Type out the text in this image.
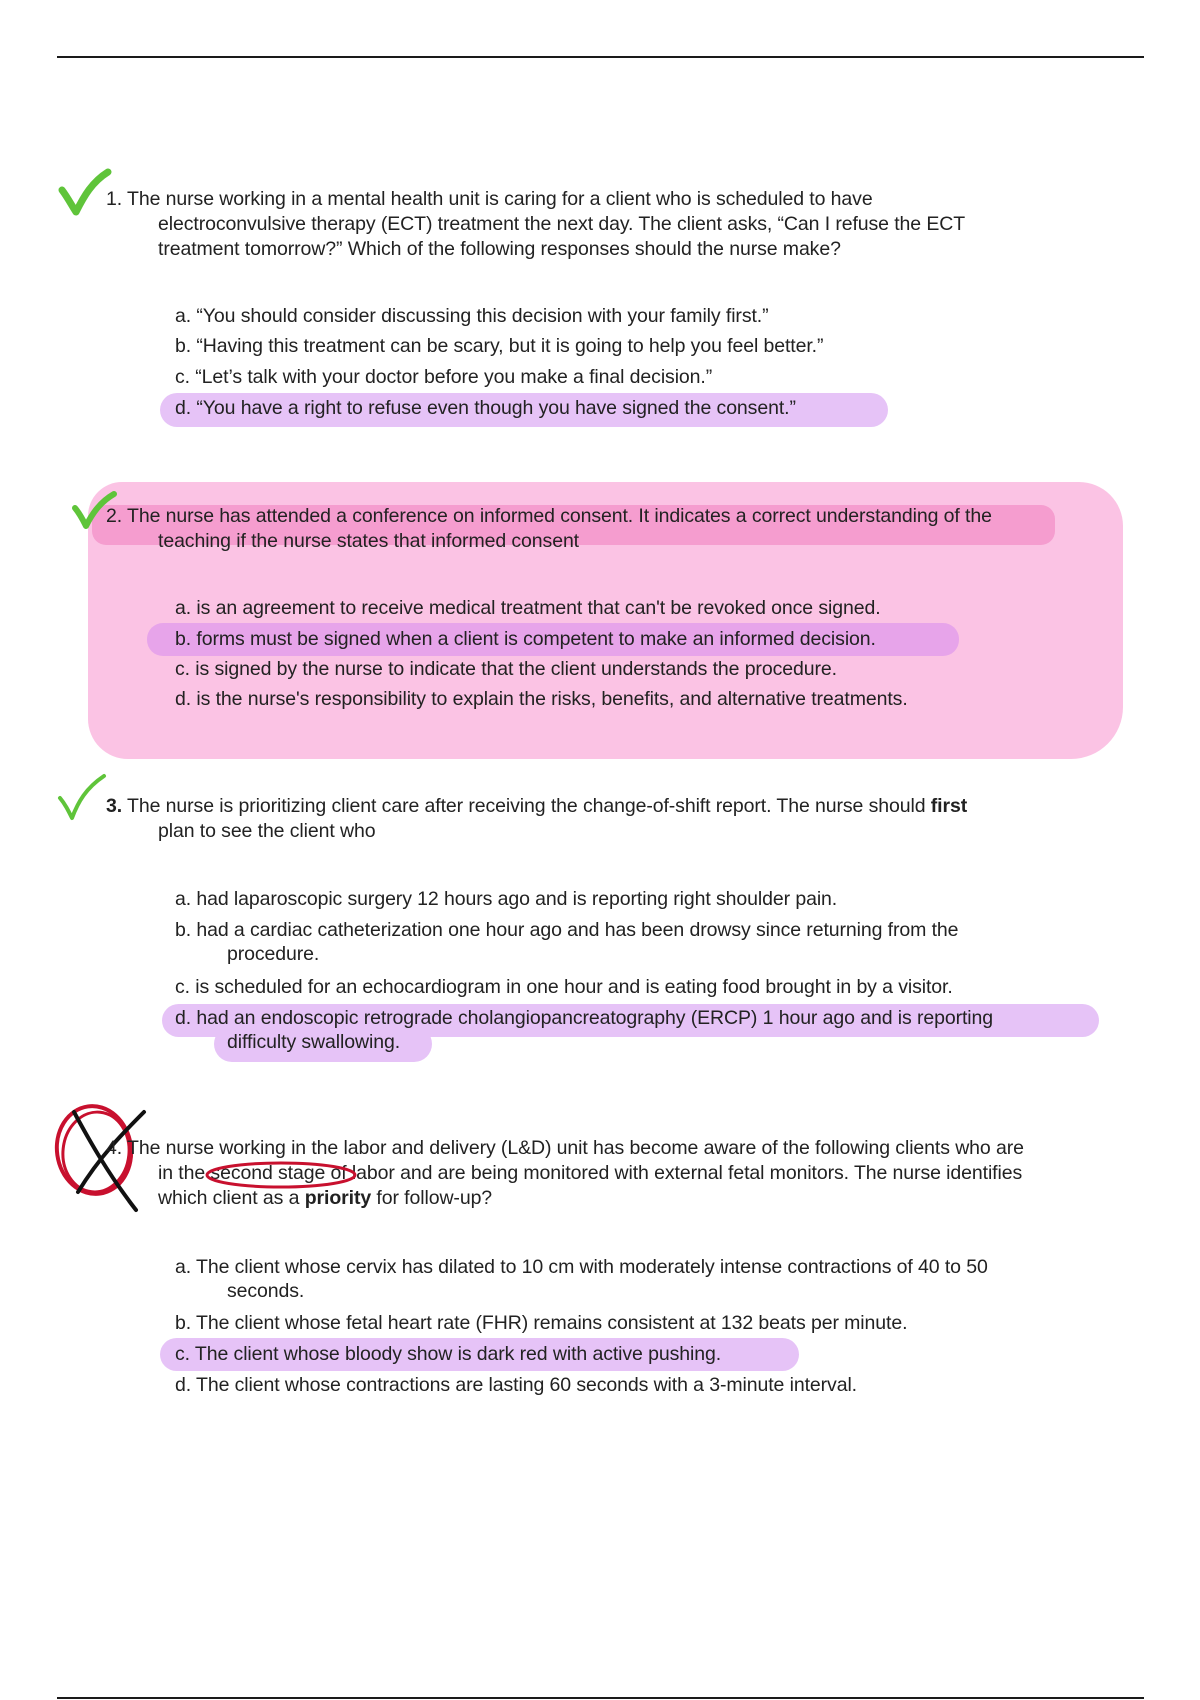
1. The nurse working in a mental health unit is caring for a client who is scheduled to have
electroconvulsive therapy (ECT) treatment the next day. The client asks, “Can I refuse the ECT
treatment tomorrow?” Which of the following responses should the nurse make?
a. “You should consider discussing this decision with your family first.”
b. “Having this treatment can be scary, but it is going to help you feel better.”
c. “Let’s talk with your doctor before you make a final decision.”
d. “You have a right to refuse even though you have signed the consent.”
2. The nurse has attended a conference on informed consent. It indicates a correct understanding of the
teaching if the nurse states that informed consent
a. is an agreement to receive medical treatment that can't be revoked once signed.
b. forms must be signed when a client is competent to make an informed decision.
c. is signed by the nurse to indicate that the client understands the procedure.
d. is the nurse's responsibility to explain the risks, benefits, and alternative treatments.
3. The nurse is prioritizing client care after receiving the change-of-shift report. The nurse should first
plan to see the client who
a. had laparoscopic surgery 12 hours ago and is reporting right shoulder pain.
b. had a cardiac catheterization one hour ago and has been drowsy since returning from the
procedure.
c. is scheduled for an echocardiogram in one hour and is eating food brought in by a visitor.
d. had an endoscopic retrograde cholangiopancreatography (ERCP) 1 hour ago and is reporting
difficulty swallowing.
4. The nurse working in the labor and delivery (L&D) unit has become aware of the following clients who are
in the second stage of labor and are being monitored with external fetal monitors. The nurse identifies
which client as a priority for follow-up?
a. The client whose cervix has dilated to 10 cm with moderately intense contractions of 40 to 50
seconds.
b. The client whose fetal heart rate (FHR) remains consistent at 132 beats per minute.
c. The client whose bloody show is dark red with active pushing.
d. The client whose contractions are lasting 60 seconds with a 3-minute interval.
